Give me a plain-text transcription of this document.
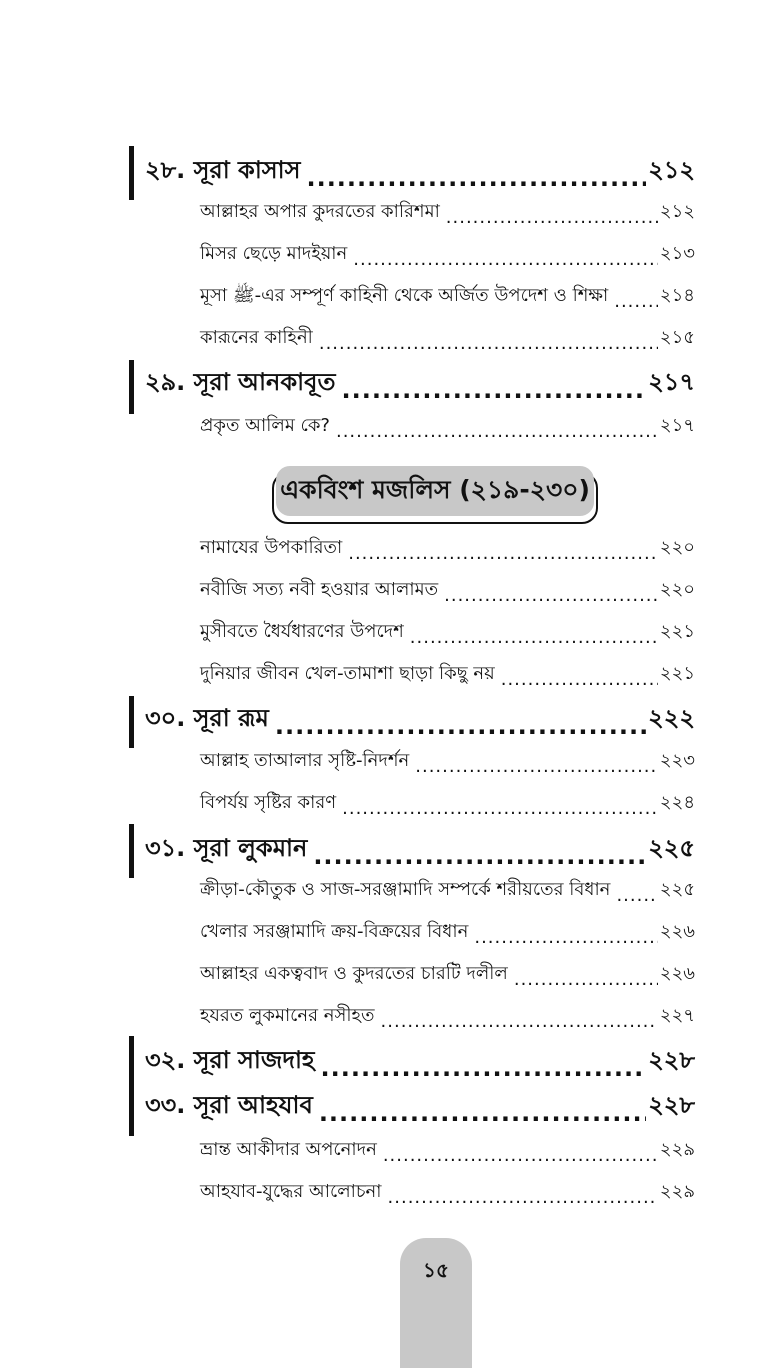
২৮. সূরা কাসাস .....	২১২
আল্লাহর অপার কুদরতের কারিশমা .....	২১২
মিসর ছেড়ে মাদইয়ান .....	২১৩
মূসা ﷺ-এর সম্পূর্ণ কাহিনী থেকে অর্জিত উপদেশ ও শিক্ষা .....	২১৪
কারূনের কাহিনী .....	২১৫
২৯. সূরা আনকাবূত .....	২১৭
প্রকৃত আলিম কে? .....	২১৭
একবিংশ মজলিস (২১৯-২৩০)
নামাযের উপকারিতা .....	২২০
নবীজি সত্য নবী হওয়ার আলামত .....	২২০
মুসীবতে ধৈর্যধারণের উপদেশ .....	২২১
দুনিয়ার জীবন খেল-তামাশা ছাড়া কিছু নয় .....	২২১
৩০. সূরা রূম .....	২২২
আল্লাহ তাআলার সৃষ্টি-নিদর্শন .....	২২৩
বিপর্যয় সৃষ্টির কারণ .....	২২৪
৩১. সূরা লুকমান .....	২২৫
ক্রীড়া-কৌতুক ও সাজ-সরঞ্জামাদি সম্পর্কে শরীয়তের বিধান .....	২২৫
খেলার সরঞ্জামাদি ক্রয়-বিক্রয়ের বিধান .....	২২৬
আল্লাহর একত্ববাদ ও কুদরতের চারটি দলীল .....	২২৬
হযরত লুকমানের নসীহত .....	২২৭
৩২. সূরা সাজদাহ .....	২২৮
৩৩. সূরা আহযাব .....	২২৮
ভ্রান্ত আকীদার অপনোদন .....	২২৯
আহযাব-যুদ্ধের আলোচনা .....	২২৯
১৫
